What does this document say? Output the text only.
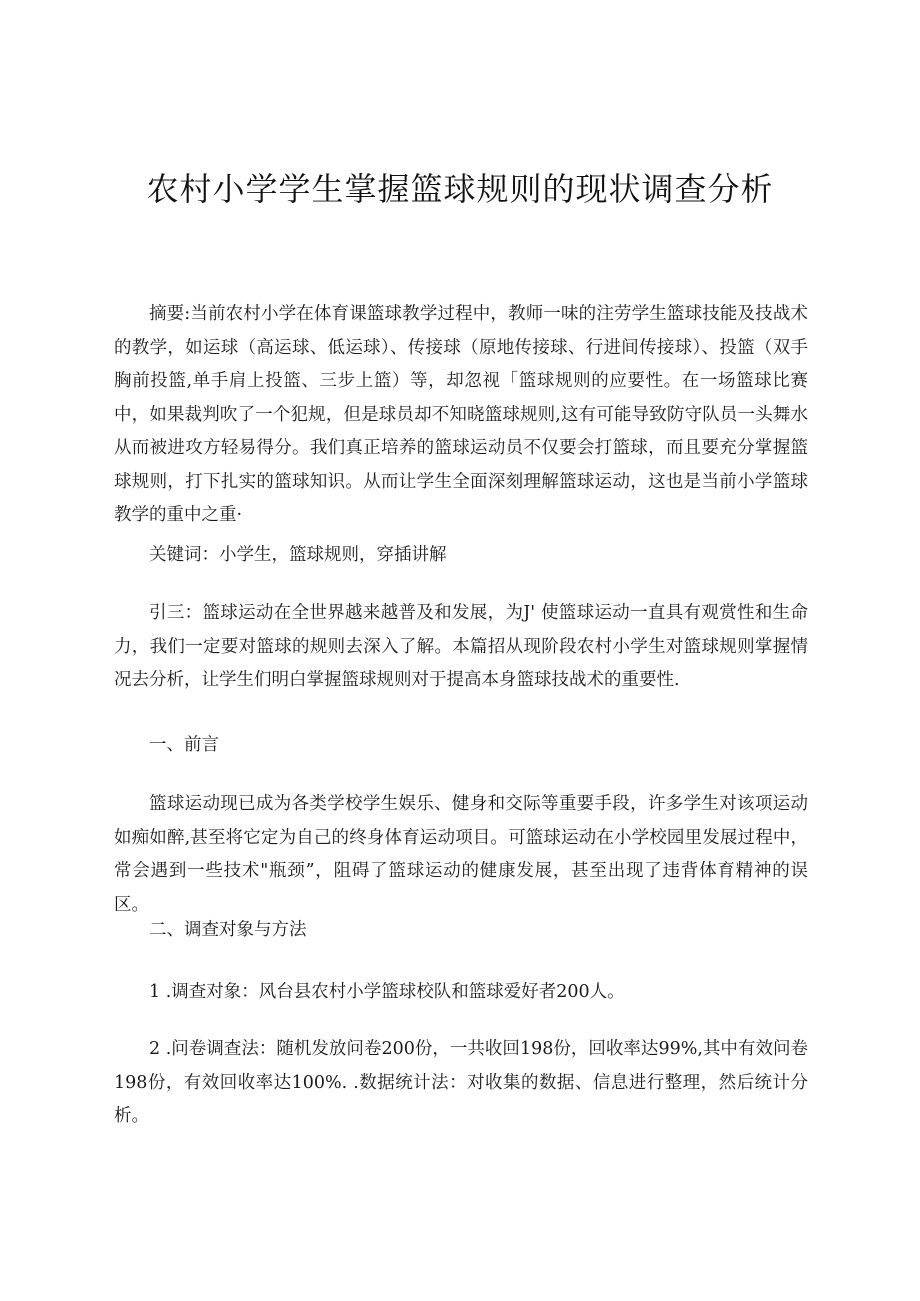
农村小学学生掌握篮球规则的现状调查分析

摘要:当前农村小学在体育课篮球教学过程中，教师一味的注劳学生篮球技能及技战术的教学，如运球（高运球、低运球）、传接球（原地传接球、行进间传接球）、投篮（双手胸前投篮,单手肩上投篮、三步上篮）等，却忽视「篮球规则的应要性。在一场篮球比赛中，如果裁判吹了一个犯规，但是球员却不知晓篮球规则,这有可能导致防守队员一头舞水从而被进攻方轻易得分。我们真正培养的篮球运动员不仅要会打篮球，而且要充分掌握篮球规则，打下扎实的篮球知识。从而让学生全面深刻理解篮球运动，这也是当前小学篮球教学的重中之重·

关键词：小学生，篮球规则，穿插讲解

引三：篮球运动在全世界越来越普及和发展，为J' 使篮球运动一直具有观赏性和生命力，我们一定要对篮球的规则去深入了解。本篇招从现阶段农村小学生对篮球规则掌握情况去分析，让学生们明白掌握篮球规则对于提高本身篮球技战术的重要性.

一、前言

篮球运动现已成为各类学校学生娱乐、健身和交际等重要手段，许多学生对该项运动如痴如醉,甚至将它定为自己的终身体育运动项目。可篮球运动在小学校园里发展过程中，常会遇到一些技术"瓶颈”，阻碍了篮球运动的健康发展，甚至出现了违背体育精神的误区。

二、调查对象与方法

1 .调查对象：风台县农村小学篮球校队和篮球爱好者200人。

2 .问卷调查法：随机发放问卷200份，一共收回198份，回收率达99%,其中有效问卷198份，有效回收率达100%. .数据统计法：对收集的数据、信息进行整理，然后统计分析。
